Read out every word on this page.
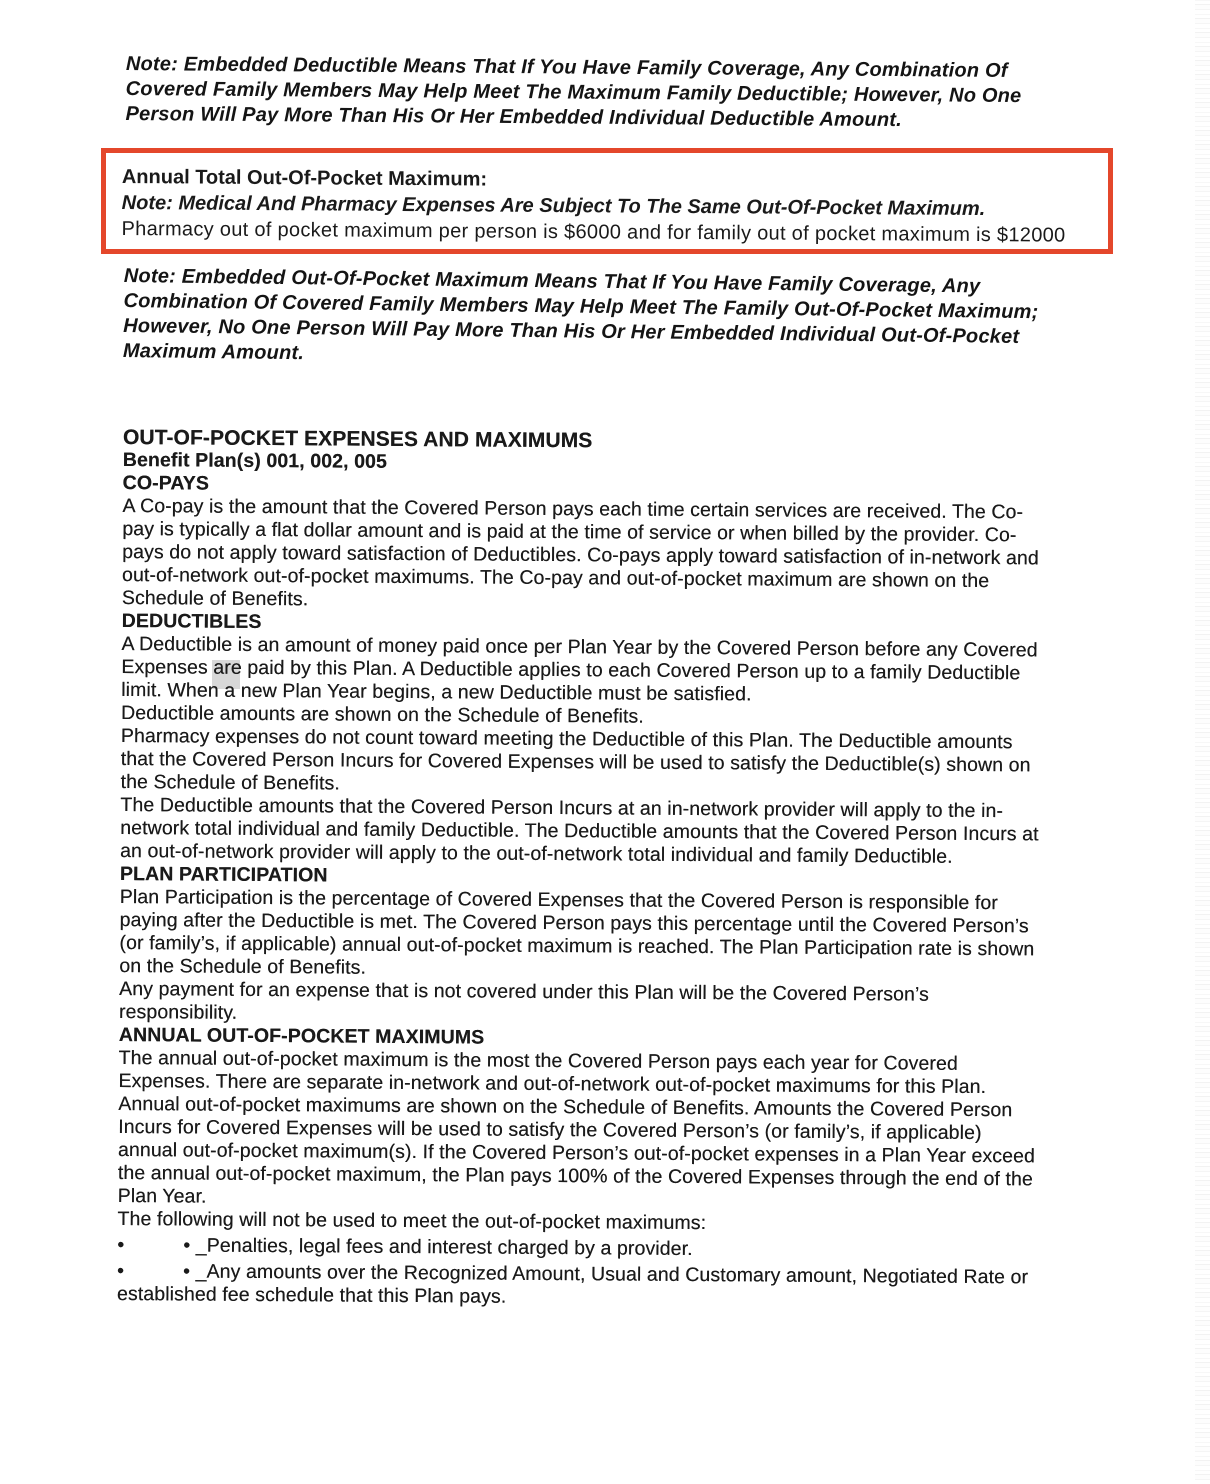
Note: Embedded Deductible Means That If You Have Family Coverage, Any Combination Of
Covered Family Members May Help Meet The Maximum Family Deductible; However, No One
Person Will Pay More Than His Or Her Embedded Individual Deductible Amount.

Annual Total Out-Of-Pocket Maximum:

Note: Medical And Pharmacy Expenses Are Subject To The Same Out-Of-Pocket Maximum.

Pharmacy out of pocket maximum per person is $6000 and for family out of pocket maximum is $12000

Note: Embedded Out-Of-Pocket Maximum Means That If You Have Family Coverage, Any
Combination Of Covered Family Members May Help Meet The Family Out-Of-Pocket Maximum;
However, No One Person Will Pay More Than His Or Her Embedded Individual Out-Of-Pocket
Maximum Amount.

OUT-OF-POCKET EXPENSES AND MAXIMUMS

Benefit Plan(s) 001, 002, 005

CO-PAYS

A Co-pay is the amount that the Covered Person pays each time certain services are received. The Co-
pay is typically a flat dollar amount and is paid at the time of service or when billed by the provider. Co-
pays do not apply toward satisfaction of Deductibles. Co-pays apply toward satisfaction of in-network and
out-of-network out-of-pocket maximums. The Co-pay and out-of-pocket maximum are shown on the
Schedule of Benefits.

DEDUCTIBLES

A Deductible is an amount of money paid once per Plan Year by the Covered Person before any Covered
Expenses are paid by this Plan. A Deductible applies to each Covered Person up to a family Deductible
limit. When a new Plan Year begins, a new Deductible must be satisfied.

Deductible amounts are shown on the Schedule of Benefits.

Pharmacy expenses do not count toward meeting the Deductible of this Plan. The Deductible amounts
that the Covered Person Incurs for Covered Expenses will be used to satisfy the Deductible(s) shown on
the Schedule of Benefits.

The Deductible amounts that the Covered Person Incurs at an in-network provider will apply to the in-
network total individual and family Deductible. The Deductible amounts that the Covered Person Incurs at
an out-of-network provider will apply to the out-of-network total individual and family Deductible.

PLAN PARTICIPATION

Plan Participation is the percentage of Covered Expenses that the Covered Person is responsible for
paying after the Deductible is met. The Covered Person pays this percentage until the Covered Person’s
(or family’s, if applicable) annual out-of-pocket maximum is reached. The Plan Participation rate is shown
on the Schedule of Benefits.

Any payment for an expense that is not covered under this Plan will be the Covered Person’s
responsibility.

ANNUAL OUT-OF-POCKET MAXIMUMS

The annual out-of-pocket maximum is the most the Covered Person pays each year for Covered
Expenses. There are separate in-network and out-of-network out-of-pocket maximums for this Plan.
Annual out-of-pocket maximums are shown on the Schedule of Benefits. Amounts the Covered Person
Incurs for Covered Expenses will be used to satisfy the Covered Person’s (or family’s, if applicable)
annual out-of-pocket maximum(s). If the Covered Person’s out-of-pocket expenses in a Plan Year exceed
the annual out-of-pocket maximum, the Plan pays 100% of the Covered Expenses through the end of the
Plan Year.

The following will not be used to meet the out-of-pocket maximums:

•	• _Penalties, legal fees and interest charged by a provider.
•	• _Any amounts over the Recognized Amount, Usual and Customary amount, Negotiated Rate or

established fee schedule that this Plan pays.
